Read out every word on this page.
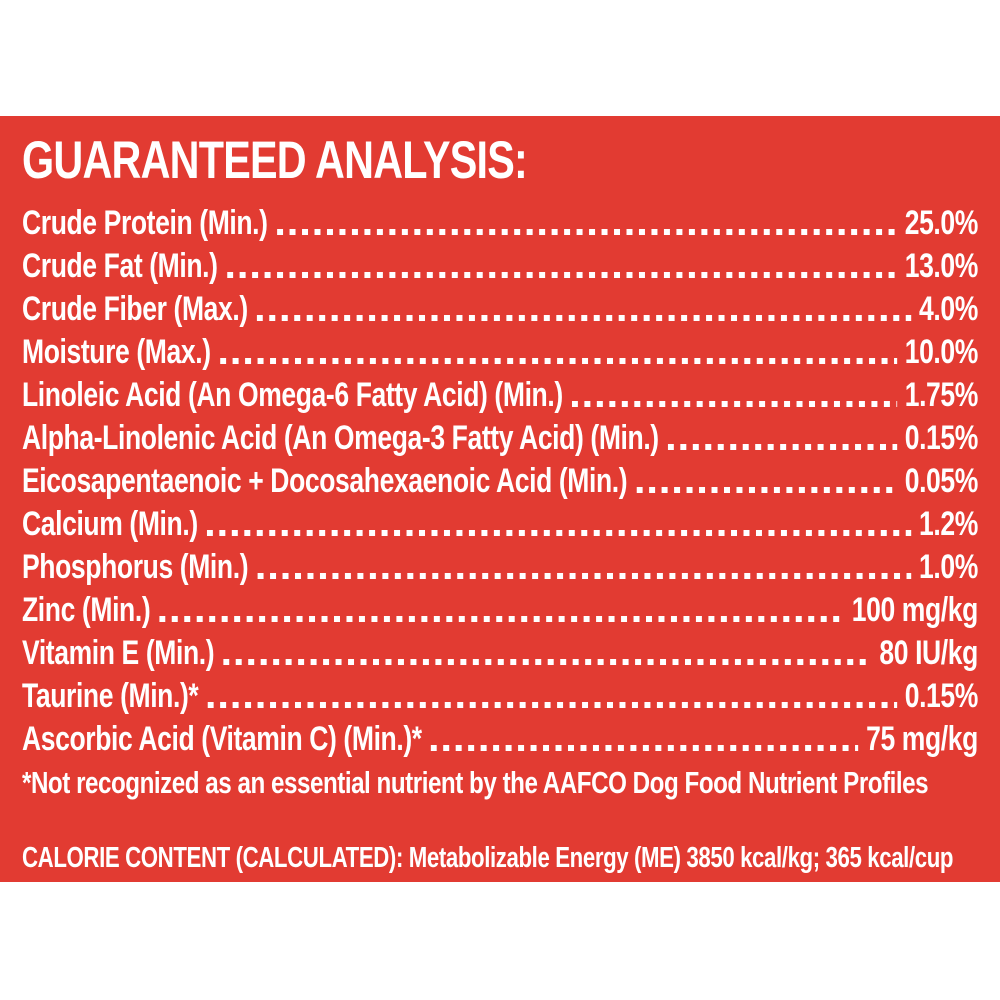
GUARANTEED ANALYSIS:
Crude Protein (Min.)	25.0%
Crude Fat (Min.)	13.0%
Crude Fiber (Max.)	4.0%
Moisture (Max.)	10.0%
Linoleic Acid (An Omega-6 Fatty Acid) (Min.)	1.75%
Alpha-Linolenic Acid (An Omega-3 Fatty Acid) (Min.)	0.15%
Eicosapentaenoic + Docosahexaenoic Acid (Min.)	0.05%
Calcium (Min.)	1.2%
Phosphorus (Min.)	1.0%
Zinc (Min.)	100 mg/kg
Vitamin E (Min.)	80 IU/kg
Taurine (Min.)*	0.15%
Ascorbic Acid (Vitamin C) (Min.)*	75 mg/kg

*Not recognized as an essential nutrient by the AAFCO Dog Food Nutrient Profiles

CALORIE CONTENT (CALCULATED): Metabolizable Energy (ME) 3850 kcal/kg; 365 kcal/cup
